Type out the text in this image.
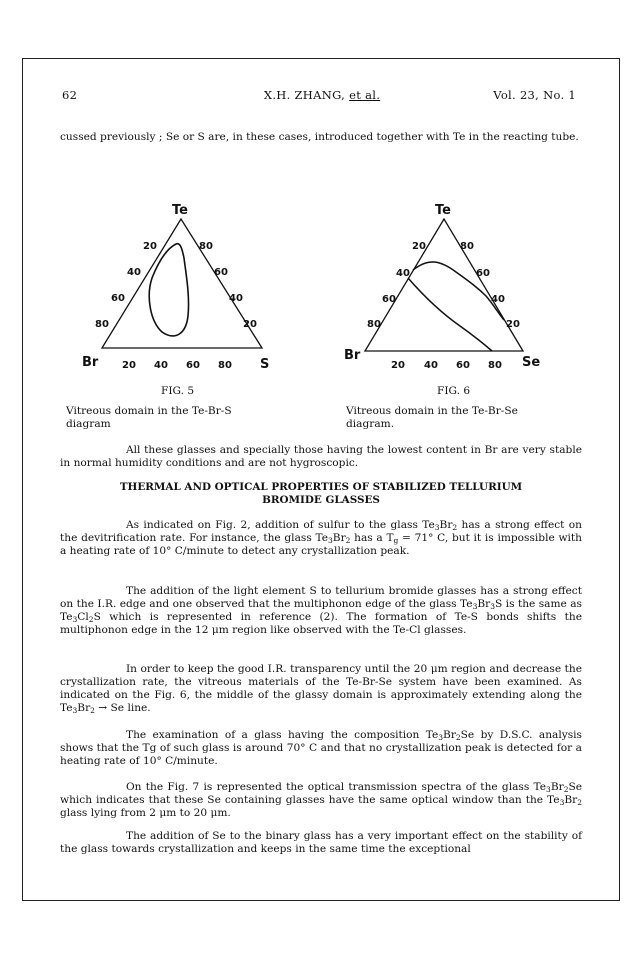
62	X.H. ZHANG, et al.	Vol. 23, No. 1
cussed previously ; Se or S are, in these cases, introduced together with Te in the reacting tube.
Te
Br	S
20
40
60
80
80
60
40
20
20 40 60 80
Te
Br	Se
20
40
60
80
80
60
40
20
20 40 60 80
FIG. 5	FIG. 6
Vitreous domain in the Te-Br-S
diagram
Vitreous domain in the Te-Br-Se
diagram.
All these glasses and specially those having the lowest content in Br are very stable in normal humidity conditions and are not hygroscopic.
THERMAL AND OPTICAL PROPERTIES OF STABILIZED TELLURIUM
BROMIDE GLASSES
As indicated on Fig. 2, addition of sulfur to the glass $Te_3Br_2$ has a strong effect on the devitrification rate. For instance, the glass $Te_3Br_2$ has a $T_g = 71^\circ$ C, but it is impossible with a heating rate of 10° C/minute to detect any crystallization peak.
The addition of the light element S to tellurium bromide glasses has a strong effect on the I.R. edge and one observed that the multiphonon edge of the glass $Te_3Br_3S$ is the same as $Te_3Cl_2S$ which is represented in reference (2). The formation of Te-S bonds shifts the multiphonon edge in the 12 μm region like observed with the Te-Cl glasses.
In order to keep the good I.R. transparency until the 20 μm region and decrease the crystallization rate, the vitreous materials of the Te-Br-Se system have been examined. As indicated on the Fig. 6, the middle of the glassy domain is approximately extending along the $Te_3Br_2 \to Se$ line.
The examination of a glass having the composition $Te_3Br_2Se$ by D.S.C. analysis shows that the Tg of such glass is around 70° C and that no crystallization peak is detected for a heating rate of 10° C/minute.
On the Fig. 7 is represented the optical transmission spectra of the glass $Te_3Br_2Se$ which indicates that these Se containing glasses have the same optical window than the $Te_3Br_2$ glass lying from 2 μm to 20 μm.
The addition of Se to the binary glass has a very important effect on the stability of the glass towards crystallization and keeps in the same time the exceptional
